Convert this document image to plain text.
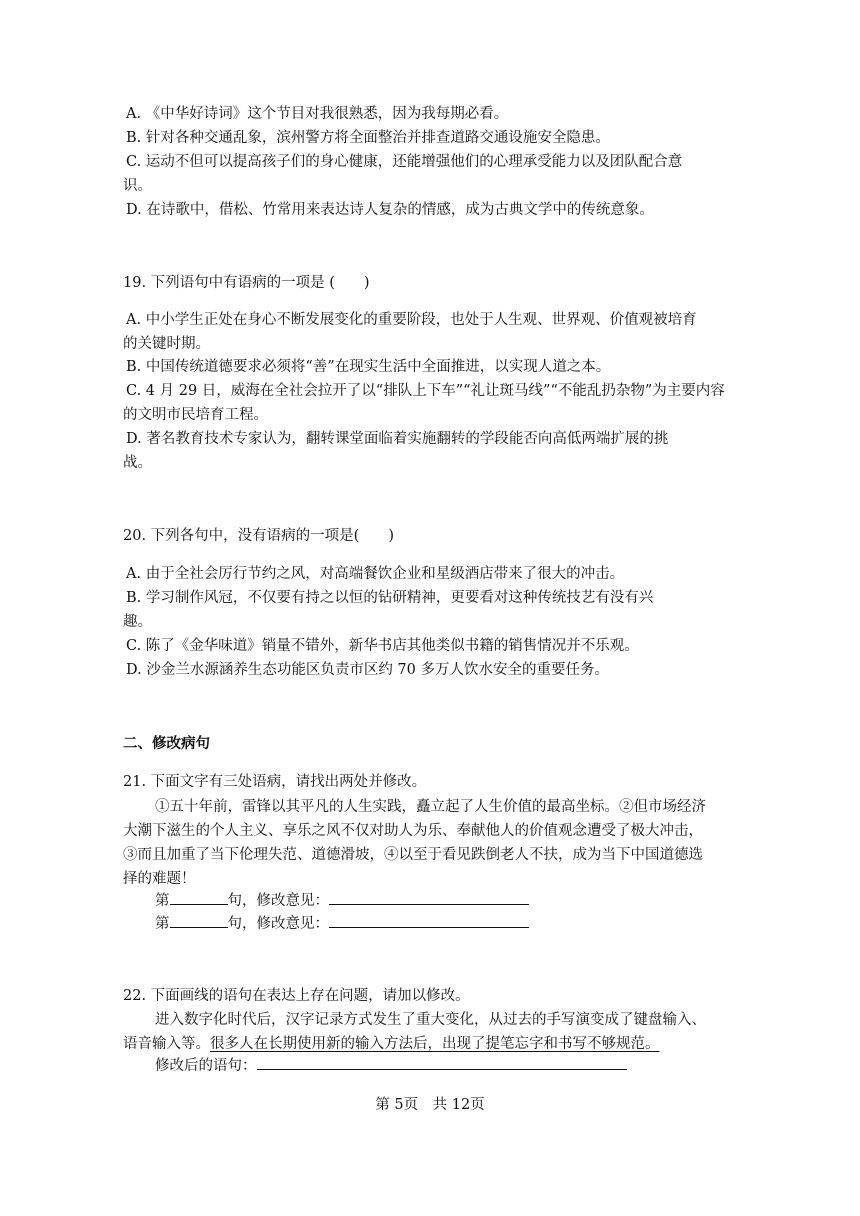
A. 《中华好诗词》这个节目对我很熟悉，因为我每期必看。
B. 针对各种交通乱象，滨州警方将全面整治并排查道路交通设施安全隐患。
C. 运动不但可以提高孩子们的身心健康，还能增强他们的心理承受能力以及团队配合意
识。
D. 在诗歌中，借松、竹常用来表达诗人复杂的情感，成为古典文学中的传统意象。
19. 下列语句中有语病的一项是 (　　)
A. 中小学生正处在身心不断发展变化的重要阶段，也处于人生观、世界观、价值观被培育
的关键时期。
B. 中国传统道德要求必须将“善”在现实生活中全面推进，以实现人道之本。
C. 4 月 29 日，威海在全社会拉开了以“排队上下车”“礼让斑马线”“不能乱扔杂物”为主要内容
的文明市民培育工程。
D. 著名教育技术专家认为，翻转课堂面临着实施翻转的学段能否向高低两端扩展的挑
战。
20. 下列各句中，没有语病的一项是(　　)
A. 由于全社会厉行节约之风，对高端餐饮企业和星级酒店带来了很大的冲击。
B. 学习制作风冠，不仅要有持之以恒的钻研精神，更要看对这种传统技艺有没有兴
趣。
C. 陈了《金华味道》销量不错外，新华书店其他类似书籍的销售情况并不乐观。
D. 沙金兰水源涵养生态功能区负责市区约 70 多万人饮水安全的重要任务。
二、修改病句
21. 下面文字有三处语病，请找出两处并修改。
①五十年前，雷锋以其平凡的人生实践，矗立起了人生价值的最高坐标。②但市场经济
大潮下滋生的个人主义、享乐之风不仅对助人为乐、奉献他人的价值观念遭受了极大冲击，
③而且加重了当下伦理失范、道德滑坡，④以至于看见跌倒老人不扶，成为当下中国道德选
择的难题！
第	句，修改意见：
第	句，修改意见：
22. 下面画线的语句在表达上存在问题，请加以修改。
进入数字化时代后，汉字记录方式发生了重大变化，从过去的手写演变成了键盘输入、
语音输入等。很多人在长期使用新的输入方法后，出现了提笔忘字和书写不够规范。
修改后的语句：
第 5页　共 12页
